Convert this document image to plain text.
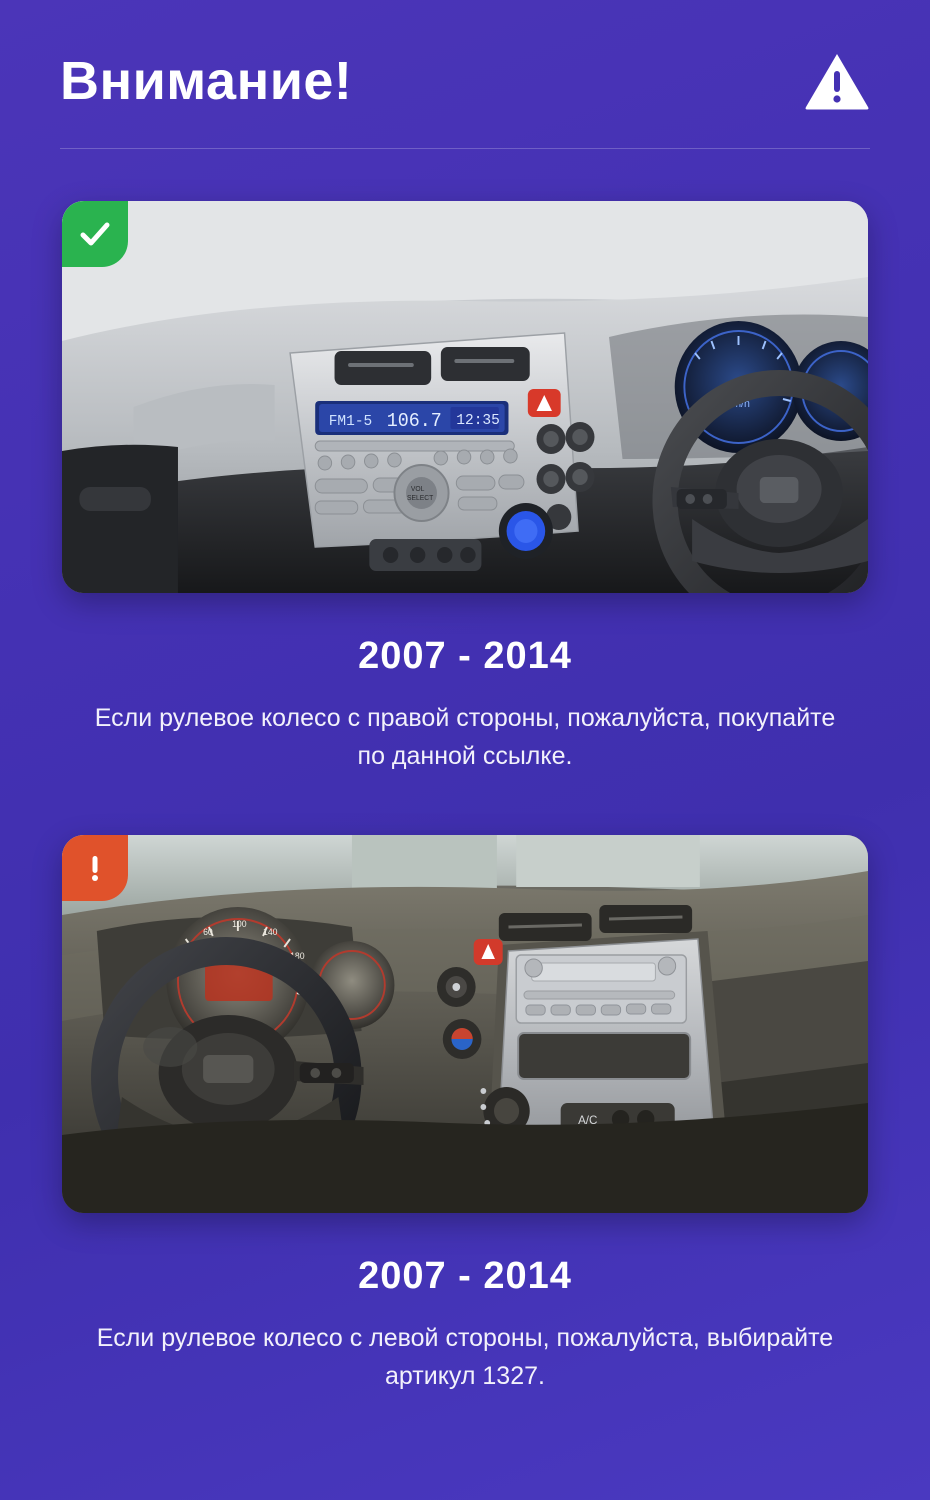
Внимание!
FM1-5 106.7 12:35
VOL
SELECT
km/h
2007 - 2014
Если рулевое колесо с правой стороны, пожалуйста, покупайте по данной ссылке.
A/C
20
60
100
140
180
2007 - 2014
Если рулевое колесо с левой стороны, пожалуйста, выбирайте артикул 1327.
